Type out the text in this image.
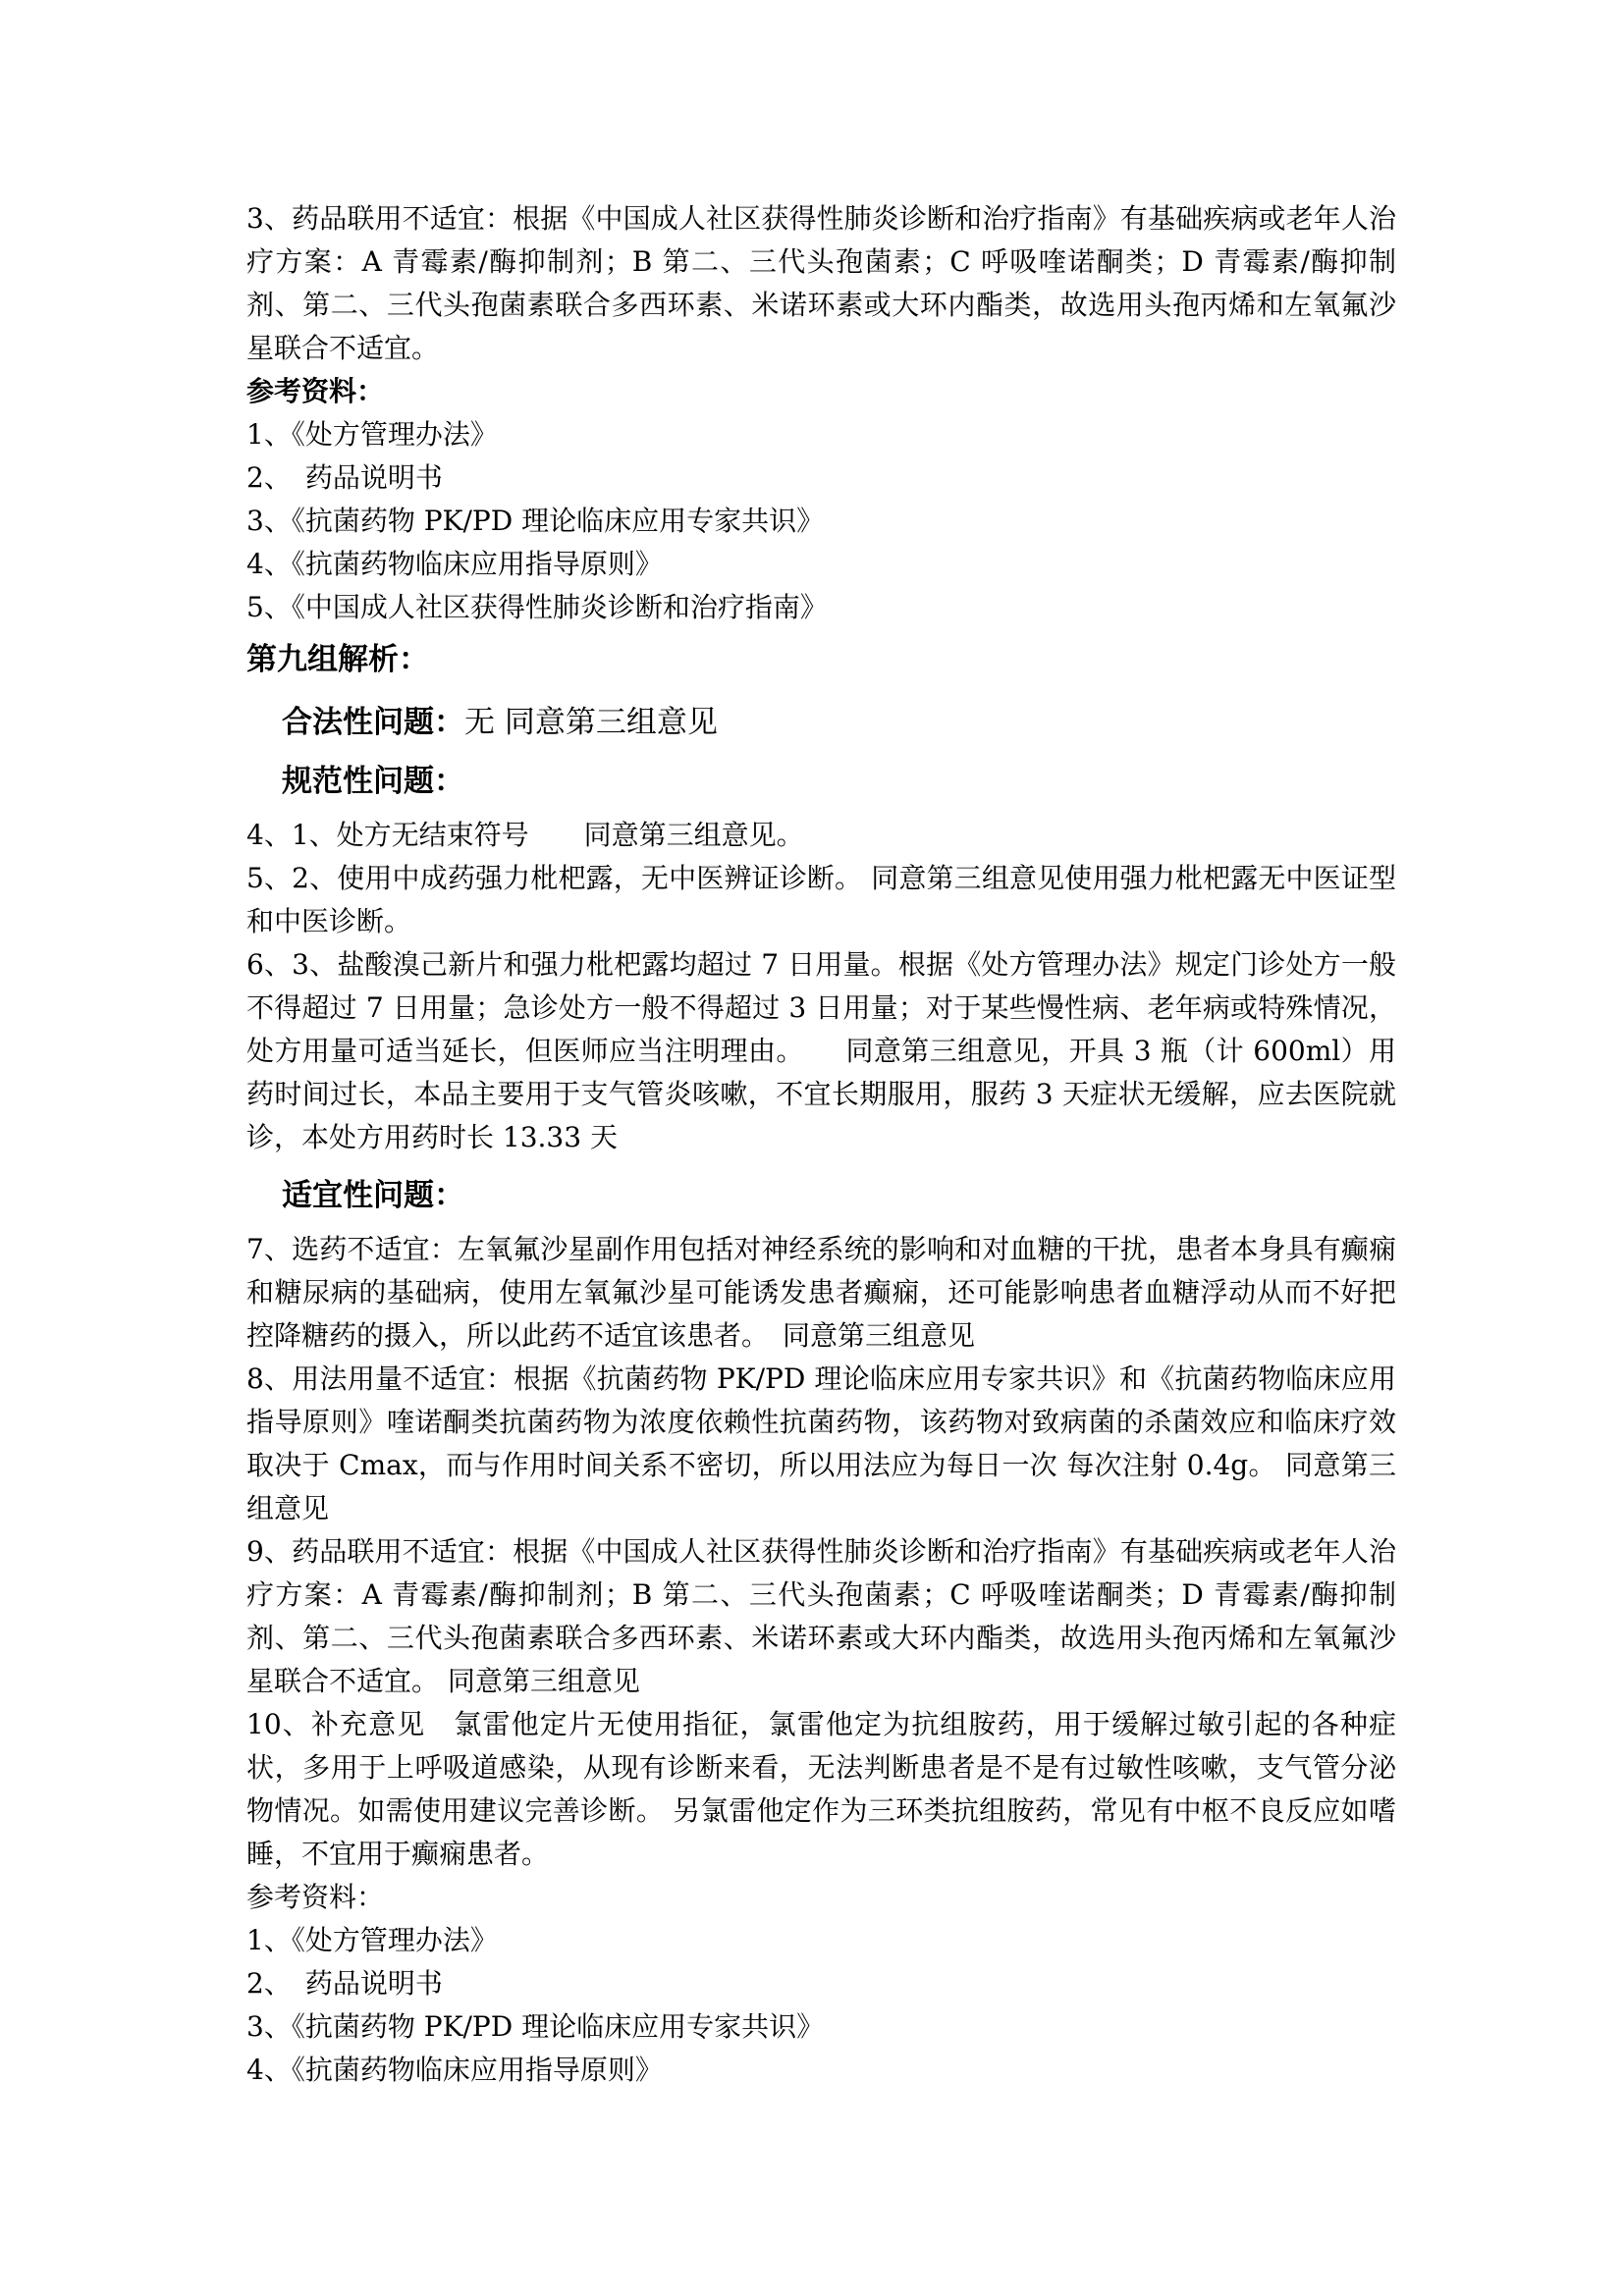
3、药品联用不适宜：根据《中国成人社区获得性肺炎诊断和治疗指南》有基础疾病或老年人治疗方案：A 青霉素/酶抑制剂；B 第二、三代头孢菌素；C 呼吸喹诺酮类；D 青霉素/酶抑制剂、第二、三代头孢菌素联合多西环素、米诺环素或大环内酯类，故选用头孢丙烯和左氧氟沙星联合不适宜。

参考资料：

1、《处方管理办法》

2、　药品说明书

3、《抗菌药物 PK/PD 理论临床应用专家共识》

4、《抗菌药物临床应用指导原则》

5、《中国成人社区获得性肺炎诊断和治疗指南》

第九组解析：
合法性问题：无 同意第三组意见
规范性问题：

4、1、处方无结束符号　　同意第三组意见。

5、2、使用中成药强力枇杷露，无中医辨证诊断。 同意第三组意见使用强力枇杷露无中医证型和中医诊断。

6、3、盐酸溴己新片和强力枇杷露均超过 7 日用量。根据《处方管理办法》规定门诊处方一般不得超过 7 日用量；急诊处方一般不得超过 3 日用量；对于某些慢性病、老年病或特殊情况，处方用量可适当延长，但医师应当注明理由。　　同意第三组意见，开具 3 瓶（计 600ml）用药时间过长，本品主要用于支气管炎咳嗽，不宜长期服用，服药 3 天症状无缓解，应去医院就诊，本处方用药时长 13.33 天

适宜性问题：

7、选药不适宜：左氧氟沙星副作用包括对神经系统的影响和对血糖的干扰，患者本身具有癫痫和糖尿病的基础病，使用左氧氟沙星可能诱发患者癫痫，还可能影响患者血糖浮动从而不好把控降糖药的摄入，所以此药不适宜该患者。　同意第三组意见

8、用法用量不适宜：根据《抗菌药物 PK/PD 理论临床应用专家共识》和《抗菌药物临床应用指导原则》喹诺酮类抗菌药物为浓度依赖性抗菌药物，该药物对致病菌的杀菌效应和临床疗效取决于 Cmax，而与作用时间关系不密切，所以用法应为每日一次 每次注射 0.4g。 同意第三组意见

9、药品联用不适宜：根据《中国成人社区获得性肺炎诊断和治疗指南》有基础疾病或老年人治疗方案：A 青霉素/酶抑制剂；B 第二、三代头孢菌素；C 呼吸喹诺酮类；D 青霉素/酶抑制剂、第二、三代头孢菌素联合多西环素、米诺环素或大环内酯类，故选用头孢丙烯和左氧氟沙星联合不适宜。 同意第三组意见

10、补充意见　氯雷他定片无使用指征，氯雷他定为抗组胺药，用于缓解过敏引起的各种症状，多用于上呼吸道感染，从现有诊断来看，无法判断患者是不是有过敏性咳嗽，支气管分泌物情况。如需使用建议完善诊断。 另氯雷他定作为三环类抗组胺药，常见有中枢不良反应如嗜睡，不宜用于癫痫患者。

参考资料：

1、《处方管理办法》

2、　药品说明书

3、《抗菌药物 PK/PD 理论临床应用专家共识》

4、《抗菌药物临床应用指导原则》
